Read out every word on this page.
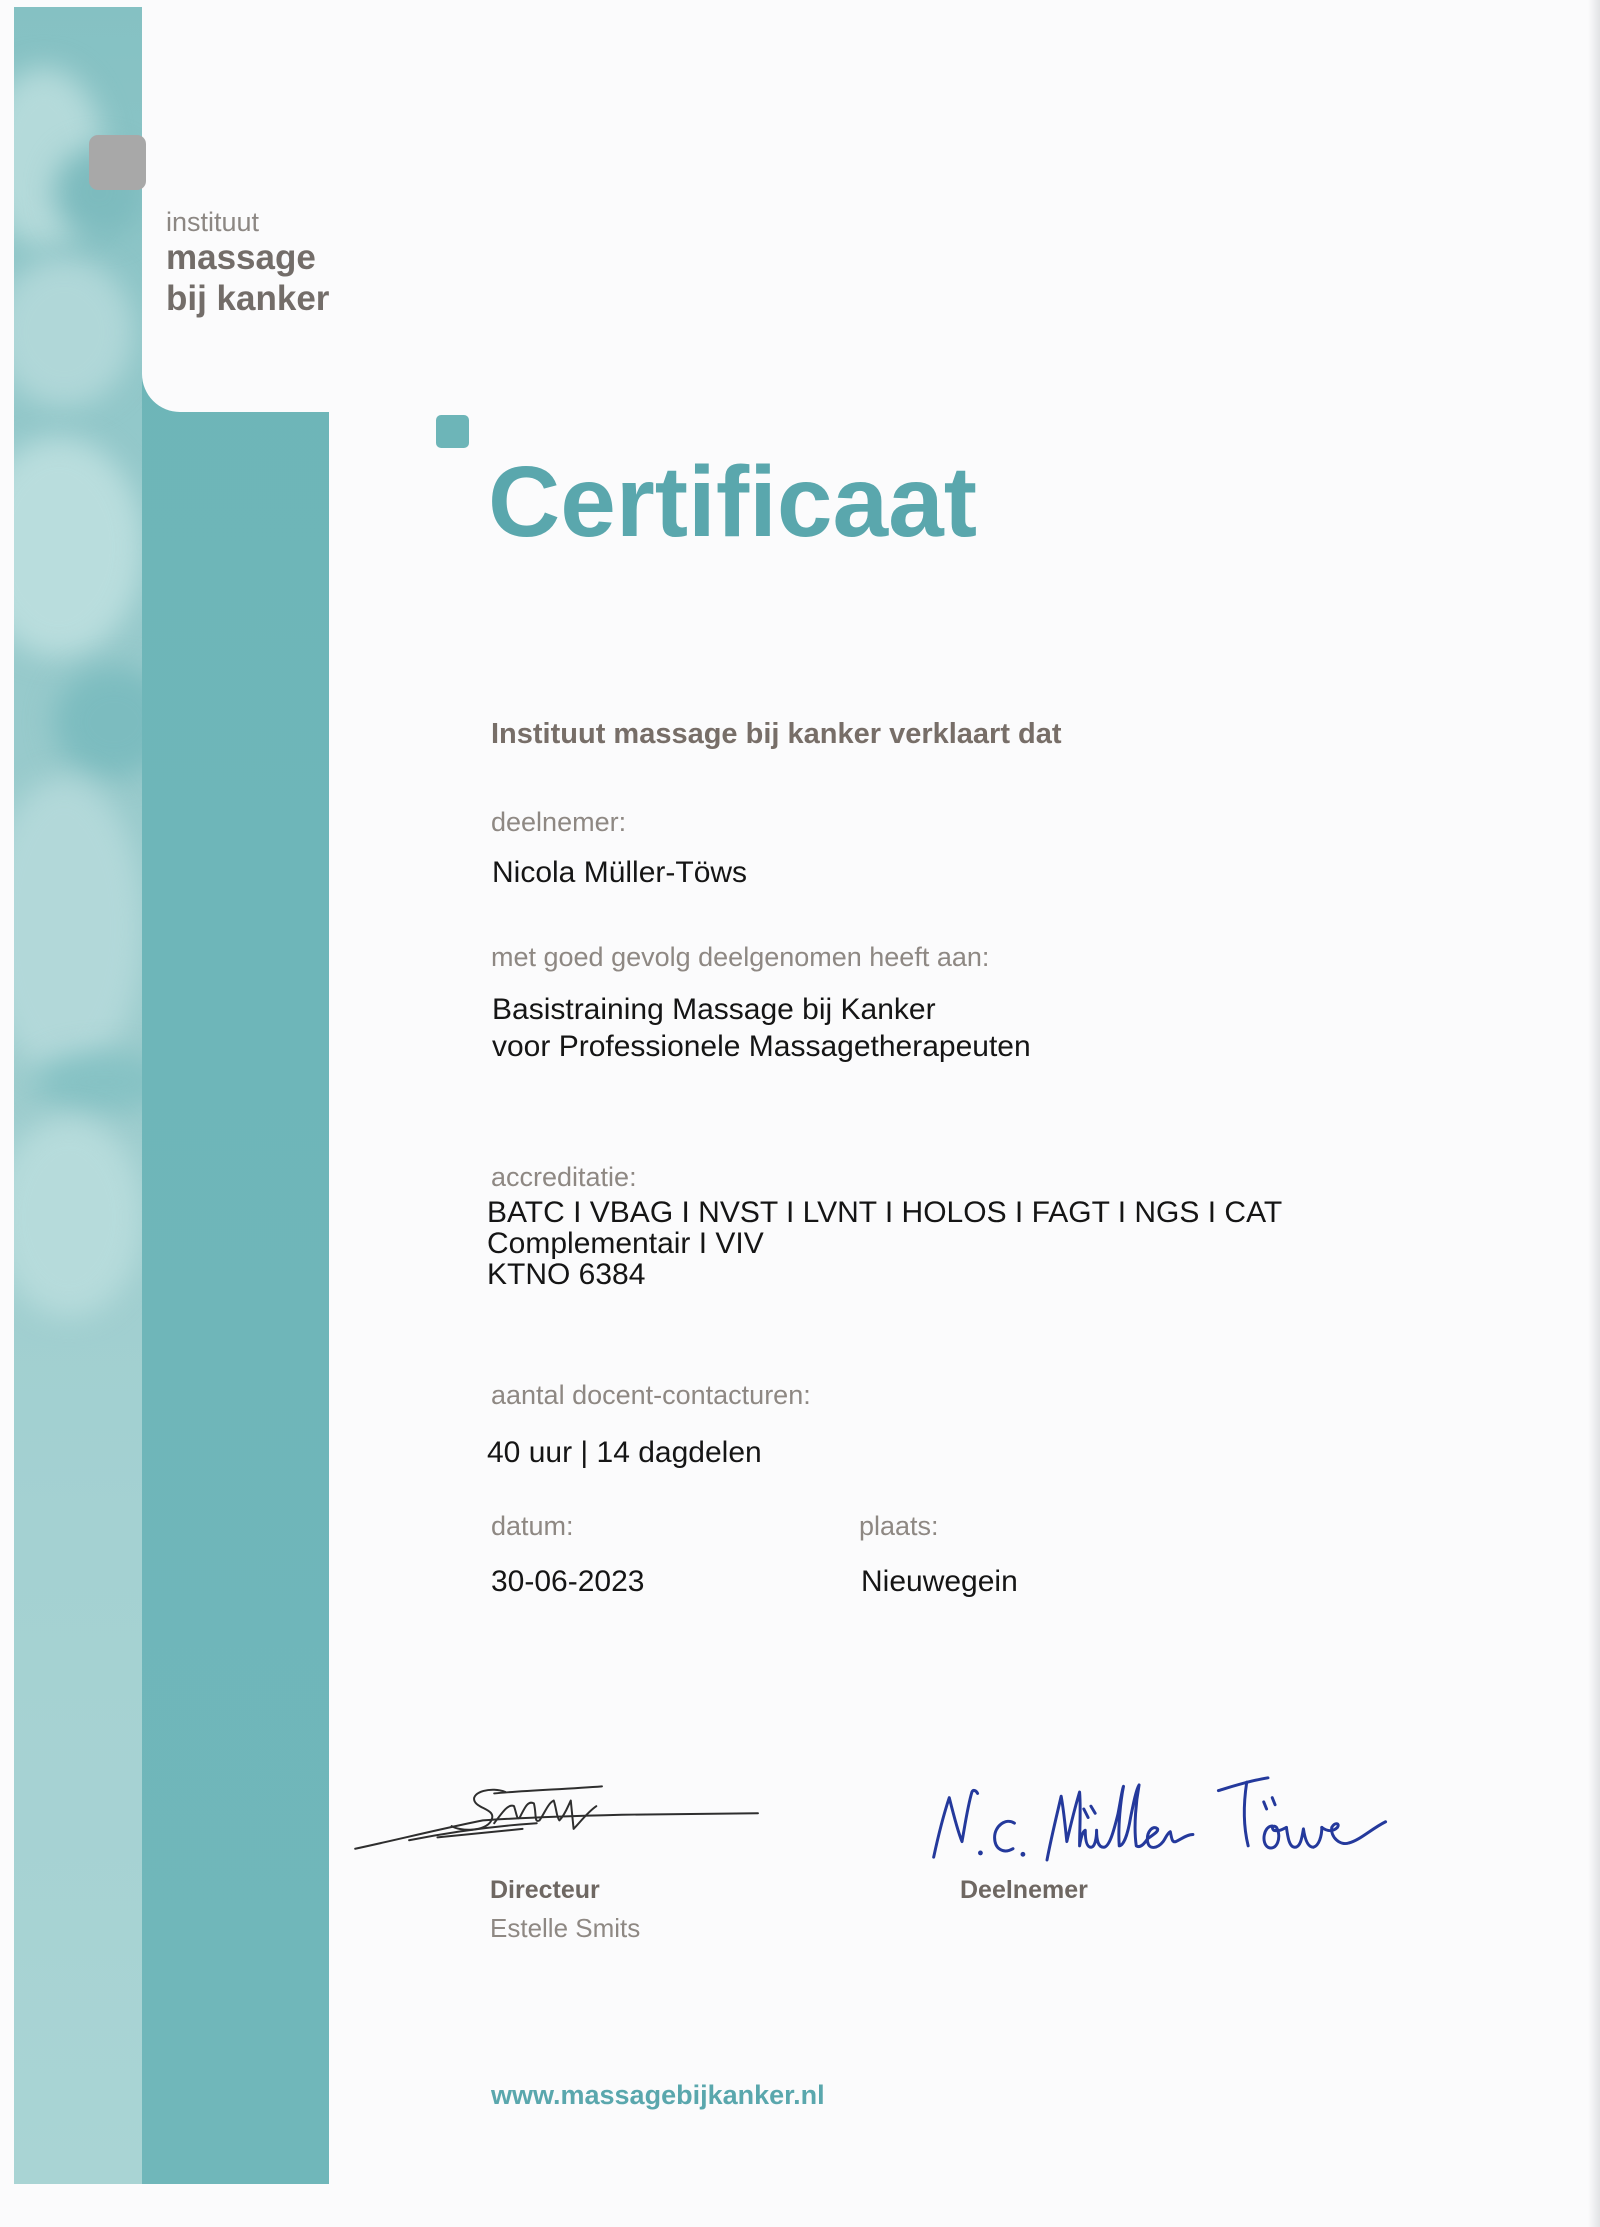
instituut
massage
bij kanker
Certificaat
Instituut massage bij kanker verklaart dat
deelnemer:
Nicola Müller-Töws
met goed gevolg deelgenomen heeft aan:
Basistraining Massage bij Kanker
voor Professionele Massagetherapeuten
accreditatie:
BATC I VBAG I NVST I LVNT I HOLOS I FAGT I NGS I CAT
Complementair I VIV
KTNO 6384
aantal docent-contacturen:
40 uur | 14 dagdelen
datum:	plaats:
30-06-2023	Nieuwegein
Directeur
Estelle Smits
Deelnemer
www.massagebijkanker.nl
